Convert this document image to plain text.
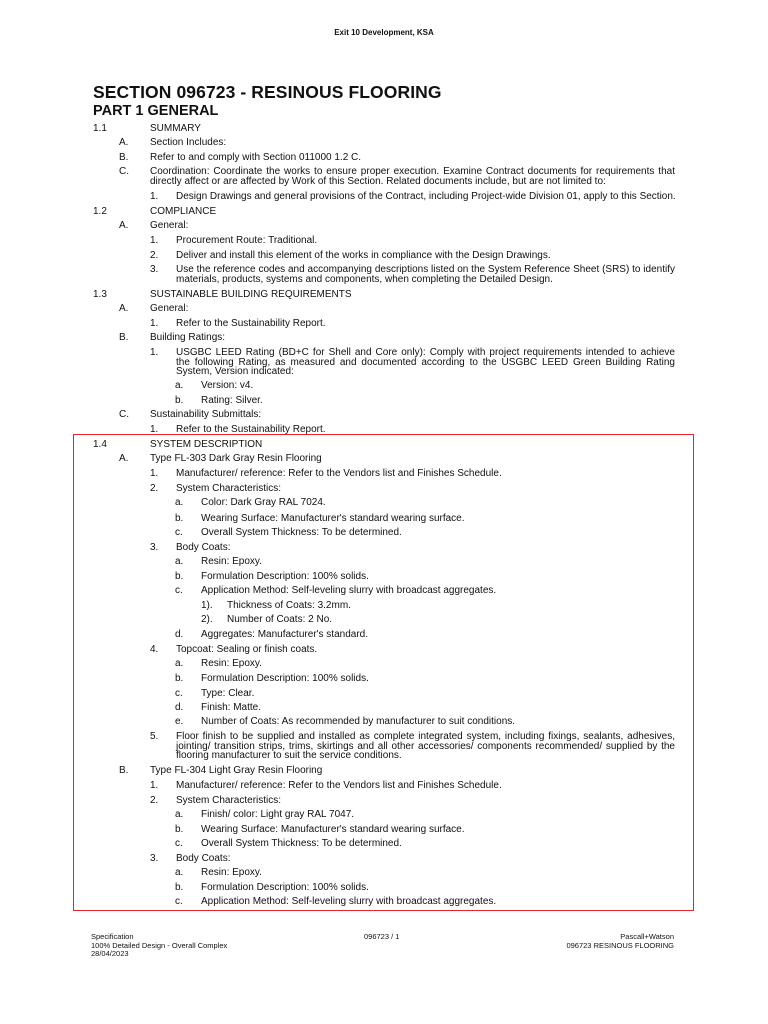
Exit 10 Development, KSA
SECTION 096723 - RESINOUS FLOORING
PART 1 GENERAL
1.1	SUMMARY
A. Section Includes:
B. Refer to and comply with Section 011000 1.2 C.
C. Coordination: Coordinate the works to ensure proper execution. Examine Contract documents for requirements that
directly affect or are affected by Work of this Section. Related documents include, but are not limited to:
1. Design Drawings and general provisions of the Contract, including Project-wide Division 01, apply to this Section.
1.2	COMPLIANCE
A. General:
1. Procurement Route: Traditional.
2. Deliver and install this element of the works in compliance with the Design Drawings.
3. Use the reference codes and accompanying descriptions listed on the System Reference Sheet (SRS) to identify
materials, products, systems and components, when completing the Detailed Design.
1.3	SUSTAINABLE BUILDING REQUIREMENTS
A. General:
1. Refer to the Sustainability Report.
B. Building Ratings:
1. USGBC LEED Rating (BD+C for Shell and Core only): Comply with project requirements intended to achieve
the following Rating, as measured and documented according to the USGBC LEED Green Building Rating
System, Version indicated:
a. Version: v4.
b. Rating: Silver.
C. Sustainability Submittals:
1. Refer to the Sustainability Report.
1.4	SYSTEM DESCRIPTION
A. Type FL-303 Dark Gray Resin Flooring
1. Manufacturer/ reference: Refer to the Vendors list and Finishes Schedule.
2. System Characteristics:
a. Color: Dark Gray RAL 7024.
b. Wearing Surface: Manufacturer's standard wearing surface.
c. Overall System Thickness: To be determined.
3. Body Coats:
a. Resin: Epoxy.
b. Formulation Description: 100% solids.
c. Application Method: Self-leveling slurry with broadcast aggregates.
1). Thickness of Coats: 3.2mm.
2). Number of Coats: 2 No.
d. Aggregates: Manufacturer's standard.
4. Topcoat: Sealing or finish coats.
a. Resin: Epoxy.
b. Formulation Description: 100% solids.
c. Type: Clear.
d. Finish: Matte.
e. Number of Coats: As recommended by manufacturer to suit conditions.
5. Floor finish to be supplied and installed as complete integrated system, including fixings, sealants, adhesives,
jointing/ transition strips, trims, skirtings and all other accessories/ components recommended/ supplied by the
flooring manufacturer to suit the service conditions.
B. Type FL-304 Light Gray Resin Flooring
1. Manufacturer/ reference: Refer to the Vendors list and Finishes Schedule.
2. System Characteristics:
a. Finish/ color: Light gray RAL 7047.
b. Wearing Surface: Manufacturer's standard wearing surface.
c. Overall System Thickness: To be determined.
3. Body Coats:
a. Resin: Epoxy.
b. Formulation Description: 100% solids.
c. Application Method: Self-leveling slurry with broadcast aggregates.
Specification
100% Detailed Design - Overall Complex
28/04/2023
096723 / 1	Pascall+Watson
096723 RESINOUS FLOORING
